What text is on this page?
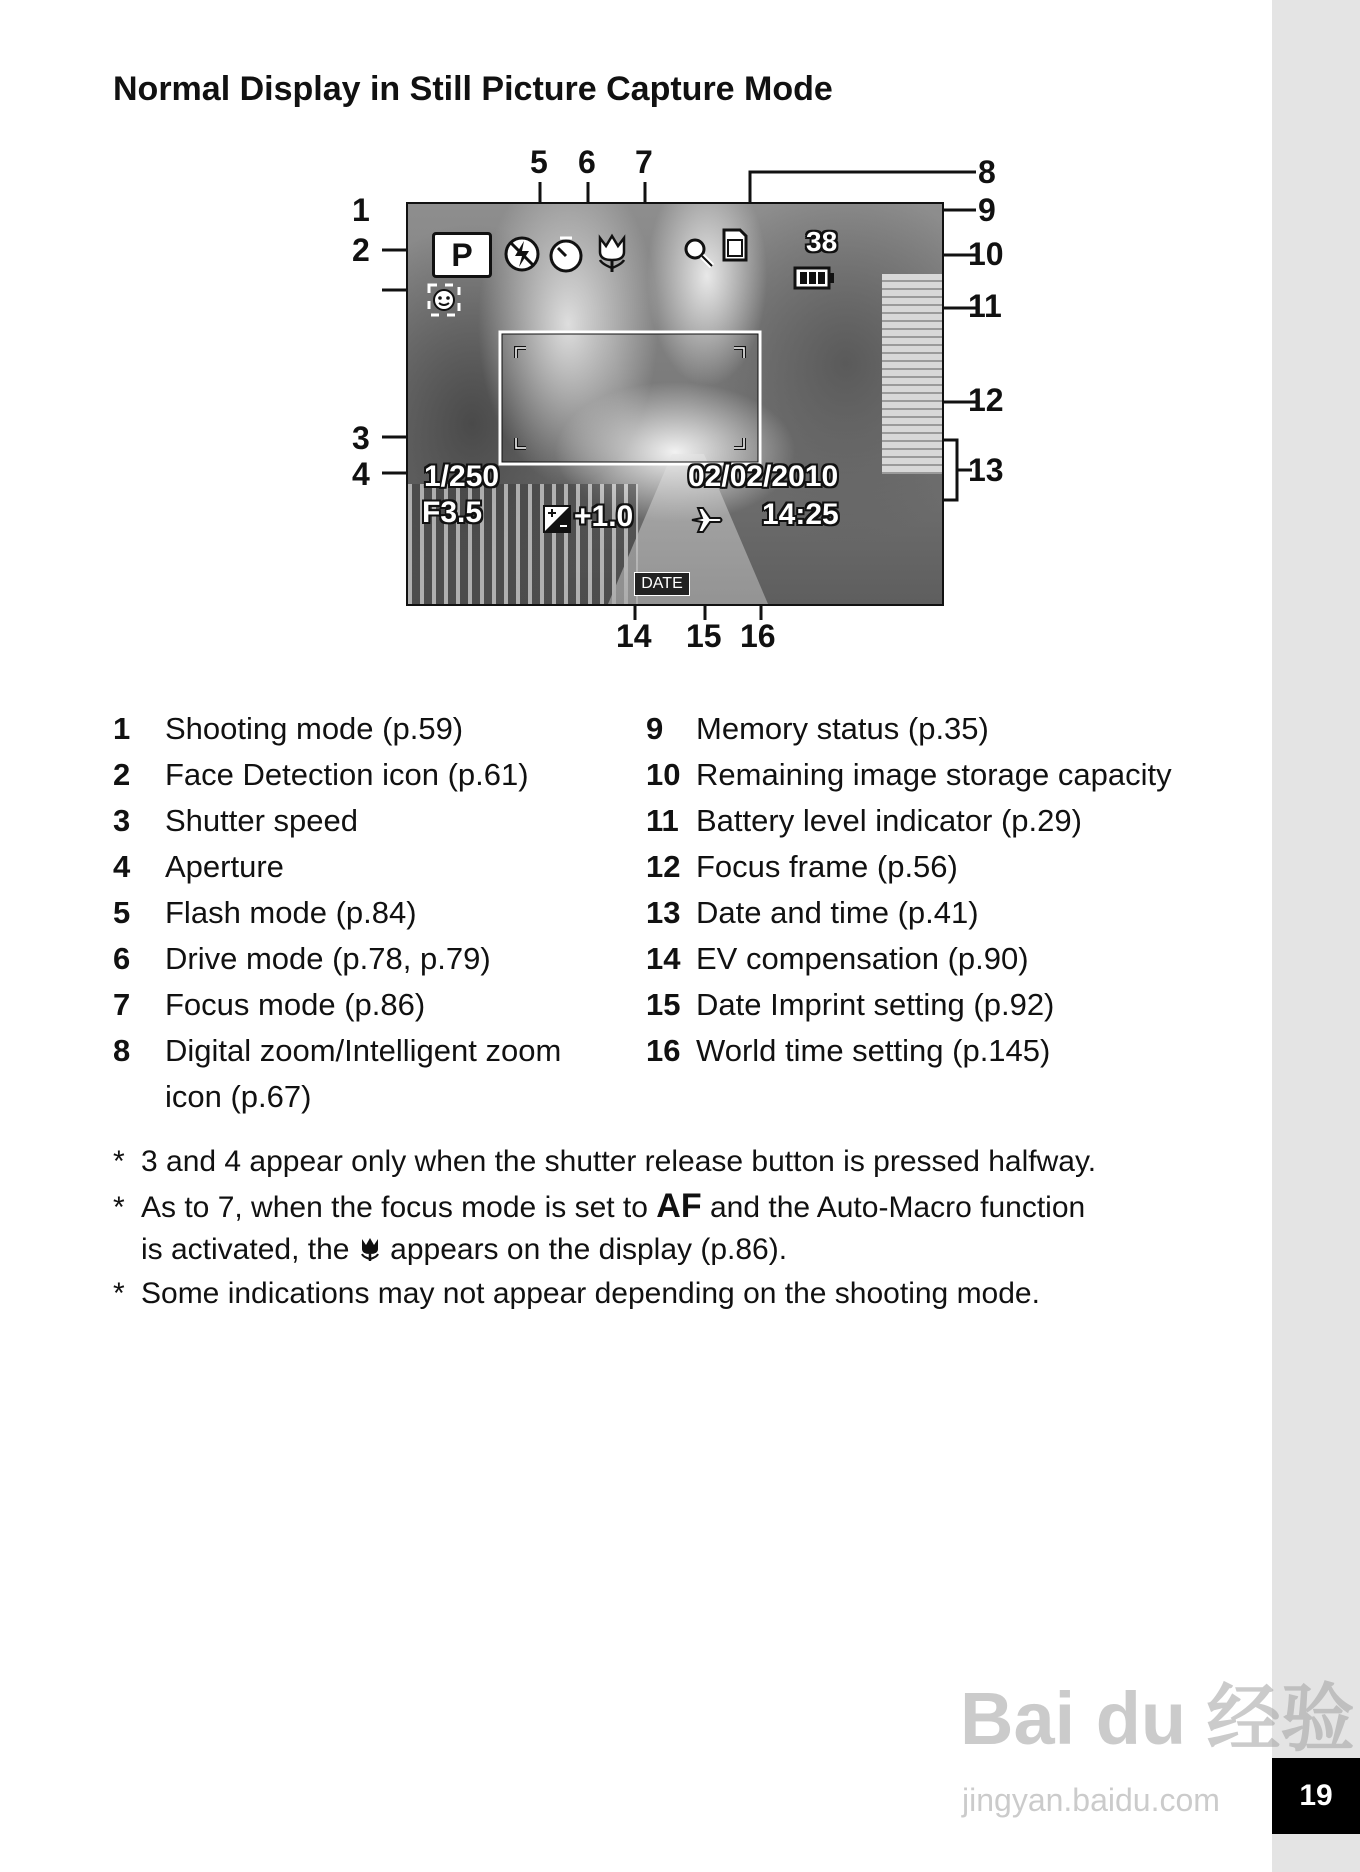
19
Normal Display in Still Picture Capture Mode
P	38
1/250
F3.5
02/02/2010
14:25
+1.0
DATE
1
2
3
4
5 6 7	8
9
10
11
12
13
14 15 16
1 Shooting mode (p.59)
2 Face Detection icon (p.61)
3 Shutter speed
4 Aperture
5 Flash mode (p.84)
6 Drive mode (p.78, p.79)
7 Focus mode (p.86)
8 Digital zoom/Intelligent zoom
icon (p.67)
9 Memory status (p.35)
10 Remaining image storage capacity
11 Battery level indicator (p.29)
12 Focus frame (p.56)
13 Date and time (p.41)
14 EV compensation (p.90)
15 Date Imprint setting (p.92)
16 World time setting (p.145)
* 3 and 4 appear only when the shutter release button is pressed halfway.
* As to 7, when the focus mode is set to AF and the Auto-Macro function
is activated, the appears on the display (p.86).
* Some indications may not appear depending on the shooting mode.
Bai du 经验
jingyan.baidu.com
